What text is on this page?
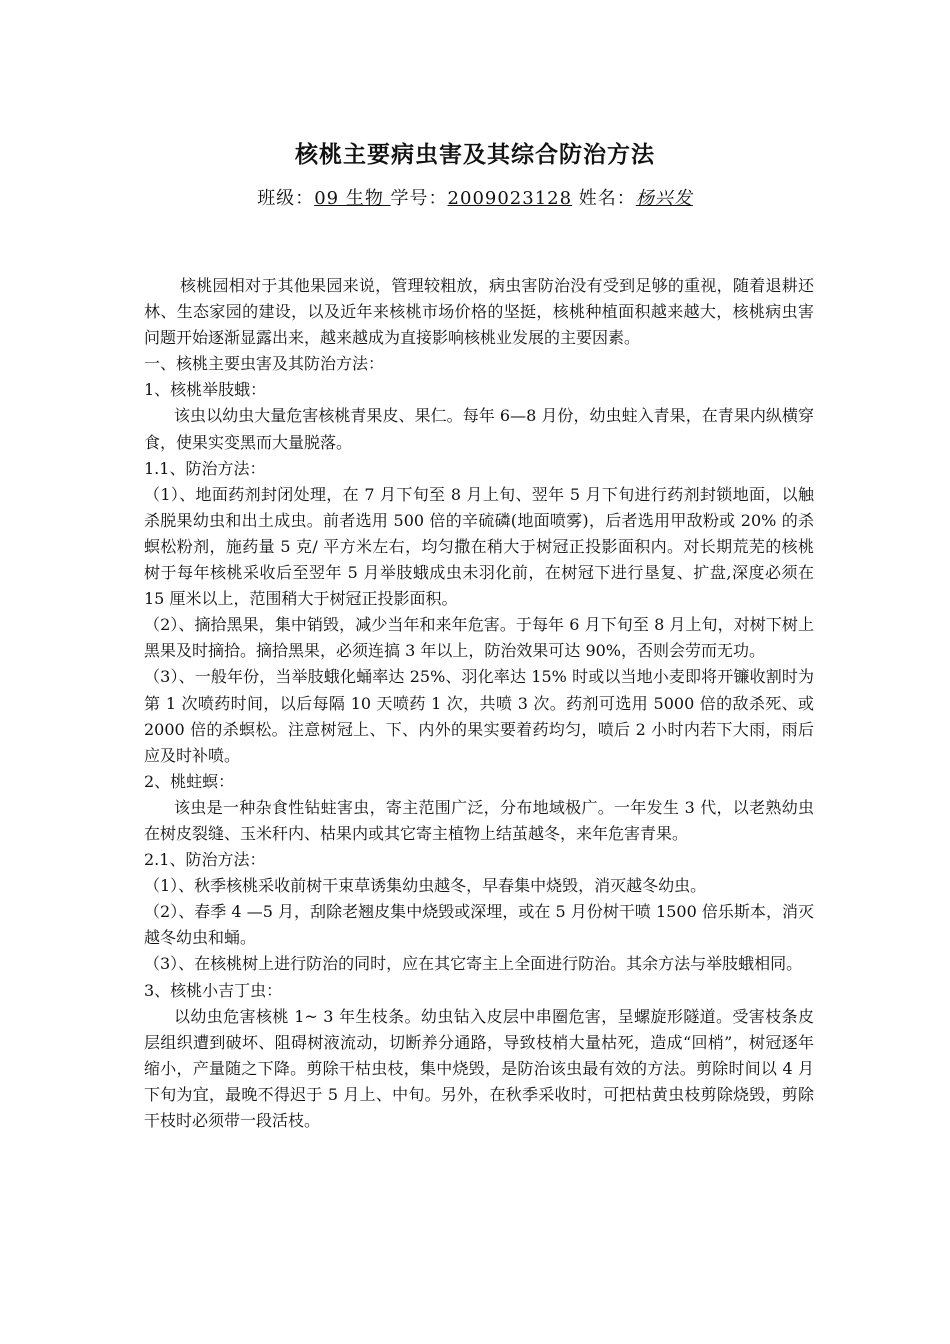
核桃主要病虫害及其综合防治方法
班级：09 生物 学号：2009023128 姓名：杨兴发

核桃园相对于其他果园来说，管理较粗放，病虫害防治没有受到足够的重视，随着退耕还林、生态家园的建设，以及近年来核桃市场价格的坚挺，核桃种植面积越来越大，核桃病虫害问题开始逐渐显露出来，越来越成为直接影响核桃业发展的主要因素。

一、核桃主要虫害及其防治方法：

1、核桃举肢蛾：

该虫以幼虫大量危害核桃青果皮、果仁。每年 6—8 月份，幼虫蛀入青果，在青果内纵横穿食，使果实变黑而大量脱落。

1.1、防治方法：

（1）、地面药剂封闭处理，在 7 月下旬至 8 月上旬、翌年 5 月下旬进行药剂封锁地面，以触杀脱果幼虫和出土成虫。前者选用 500 倍的辛硫磷(地面喷雾)，后者选用甲敌粉或 20% 的杀螟松粉剂，施药量 5 克/ 平方米左右，均匀撒在稍大于树冠正投影面积内。对长期荒芜的核桃树于每年核桃采收后至翌年 5 月举肢蛾成虫未羽化前，在树冠下进行垦复、扩盘,深度必须在 15 厘米以上，范围稍大于树冠正投影面积。

（2）、摘拾黑果，集中销毁，减少当年和来年危害。于每年 6 月下旬至 8 月上旬，对树下树上黑果及时摘拾。摘拾黑果，必须连搞 3 年以上，防治效果可达 90%，否则会劳而无功。

（3）、一般年份，当举肢蛾化蛹率达 25%、羽化率达 15% 时或以当地小麦即将开镰收割时为第 1 次喷药时间，以后每隔 10 天喷药 1 次，共喷 3 次。药剂可选用 5000 倍的敌杀死、或 2000 倍的杀螟松。注意树冠上、下、内外的果实要着药均匀，喷后 2 小时内若下大雨，雨后应及时补喷。

2、桃蛀螟：

该虫是一种杂食性钻蛀害虫，寄主范围广泛，分布地域极广。一年发生 3 代，以老熟幼虫在树皮裂缝、玉米秆内、枯果内或其它寄主植物上结茧越冬，来年危害青果。

2.1、防治方法：

（1）、秋季核桃采收前树干束草诱集幼虫越冬，早春集中烧毁，消灭越冬幼虫。

（2）、春季 4 —5 月，刮除老翘皮集中烧毁或深埋，或在 5 月份树干喷 1500 倍乐斯本，消灭越冬幼虫和蛹。

（3）、在核桃树上进行防治的同时，应在其它寄主上全面进行防治。其余方法与举肢蛾相同。

3、核桃小吉丁虫：

以幼虫危害核桃 1~ 3 年生枝条。幼虫钻入皮层中串圈危害，呈螺旋形隧道。受害枝条皮层组织遭到破坏、阻碍树液流动，切断养分通路，导致枝梢大量枯死，造成“回梢”，树冠逐年缩小，产量随之下降。剪除干枯虫枝，集中烧毁，是防治该虫最有效的方法。剪除时间以 4 月下旬为宜，最晚不得迟于 5 月上、中旬。另外，在秋季采收时，可把枯黄虫枝剪除烧毁，剪除干枝时必须带一段活枝。
